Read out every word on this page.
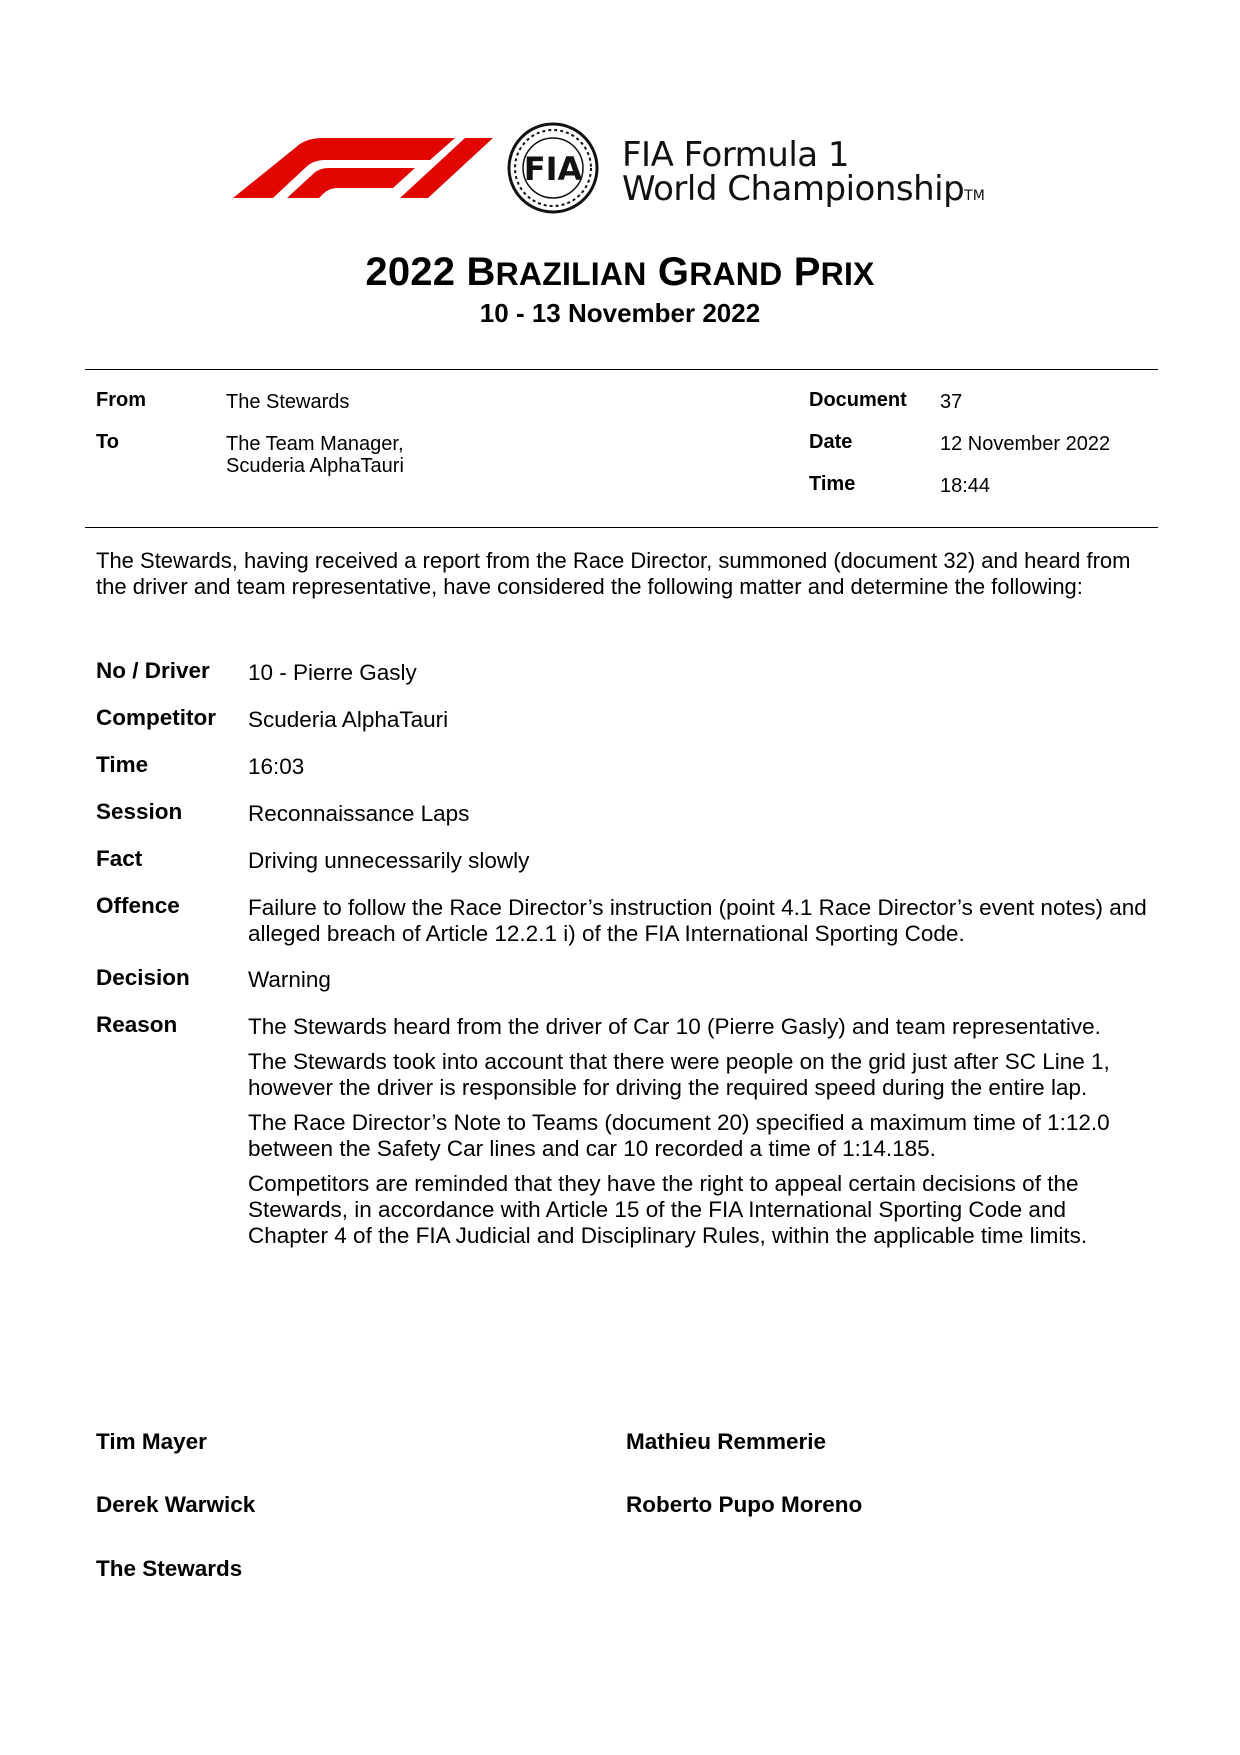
FIA FIA Formula 1
World ChampionshipTM
2022 BRAZILIAN GRAND PRIX
10 - 13 November 2022
From	The Stewards
To	The Team Manager,
Scuderia AlphaTauri
Document 37
Date	12 November 2022
Time	18:44
The Stewards, having received a report from the Race Director, summoned (document 32) and heard from the driver and team representative, have considered the following matter and determine the following:
No / Driver 10 - Pierre Gasly
Competitor Scuderia AlphaTauri
Time	16:03
Session	Reconnaissance Laps
Fact	Driving unnecessarily slowly
Offence	Failure to follow the Race Director’s instruction (point 4.1 Race Director’s event notes) and alleged breach of Article 12.2.1 i) of the FIA International Sporting Code.
Decision	Warning
Reason	The Stewards heard from the driver of Car 10 (Pierre Gasly) and team representative.

The Stewards took into account that there were people on the grid just after SC Line 1, however the driver is responsible for driving the required speed during the entire lap.

The Race Director’s Note to Teams (document 20) specified a maximum time of 1:12.0 between the Safety Car lines and car 10 recorded a time of 1:14.185.

Competitors are reminded that they have the right to appeal certain decisions of the Stewards, in accordance with Article 15 of the FIA International Sporting Code and Chapter 4 of the FIA Judicial and Disciplinary Rules, within the applicable time limits.

Tim Mayer	Mathieu Remmerie
Derek Warwick	Roberto Pupo Moreno
The Stewards
